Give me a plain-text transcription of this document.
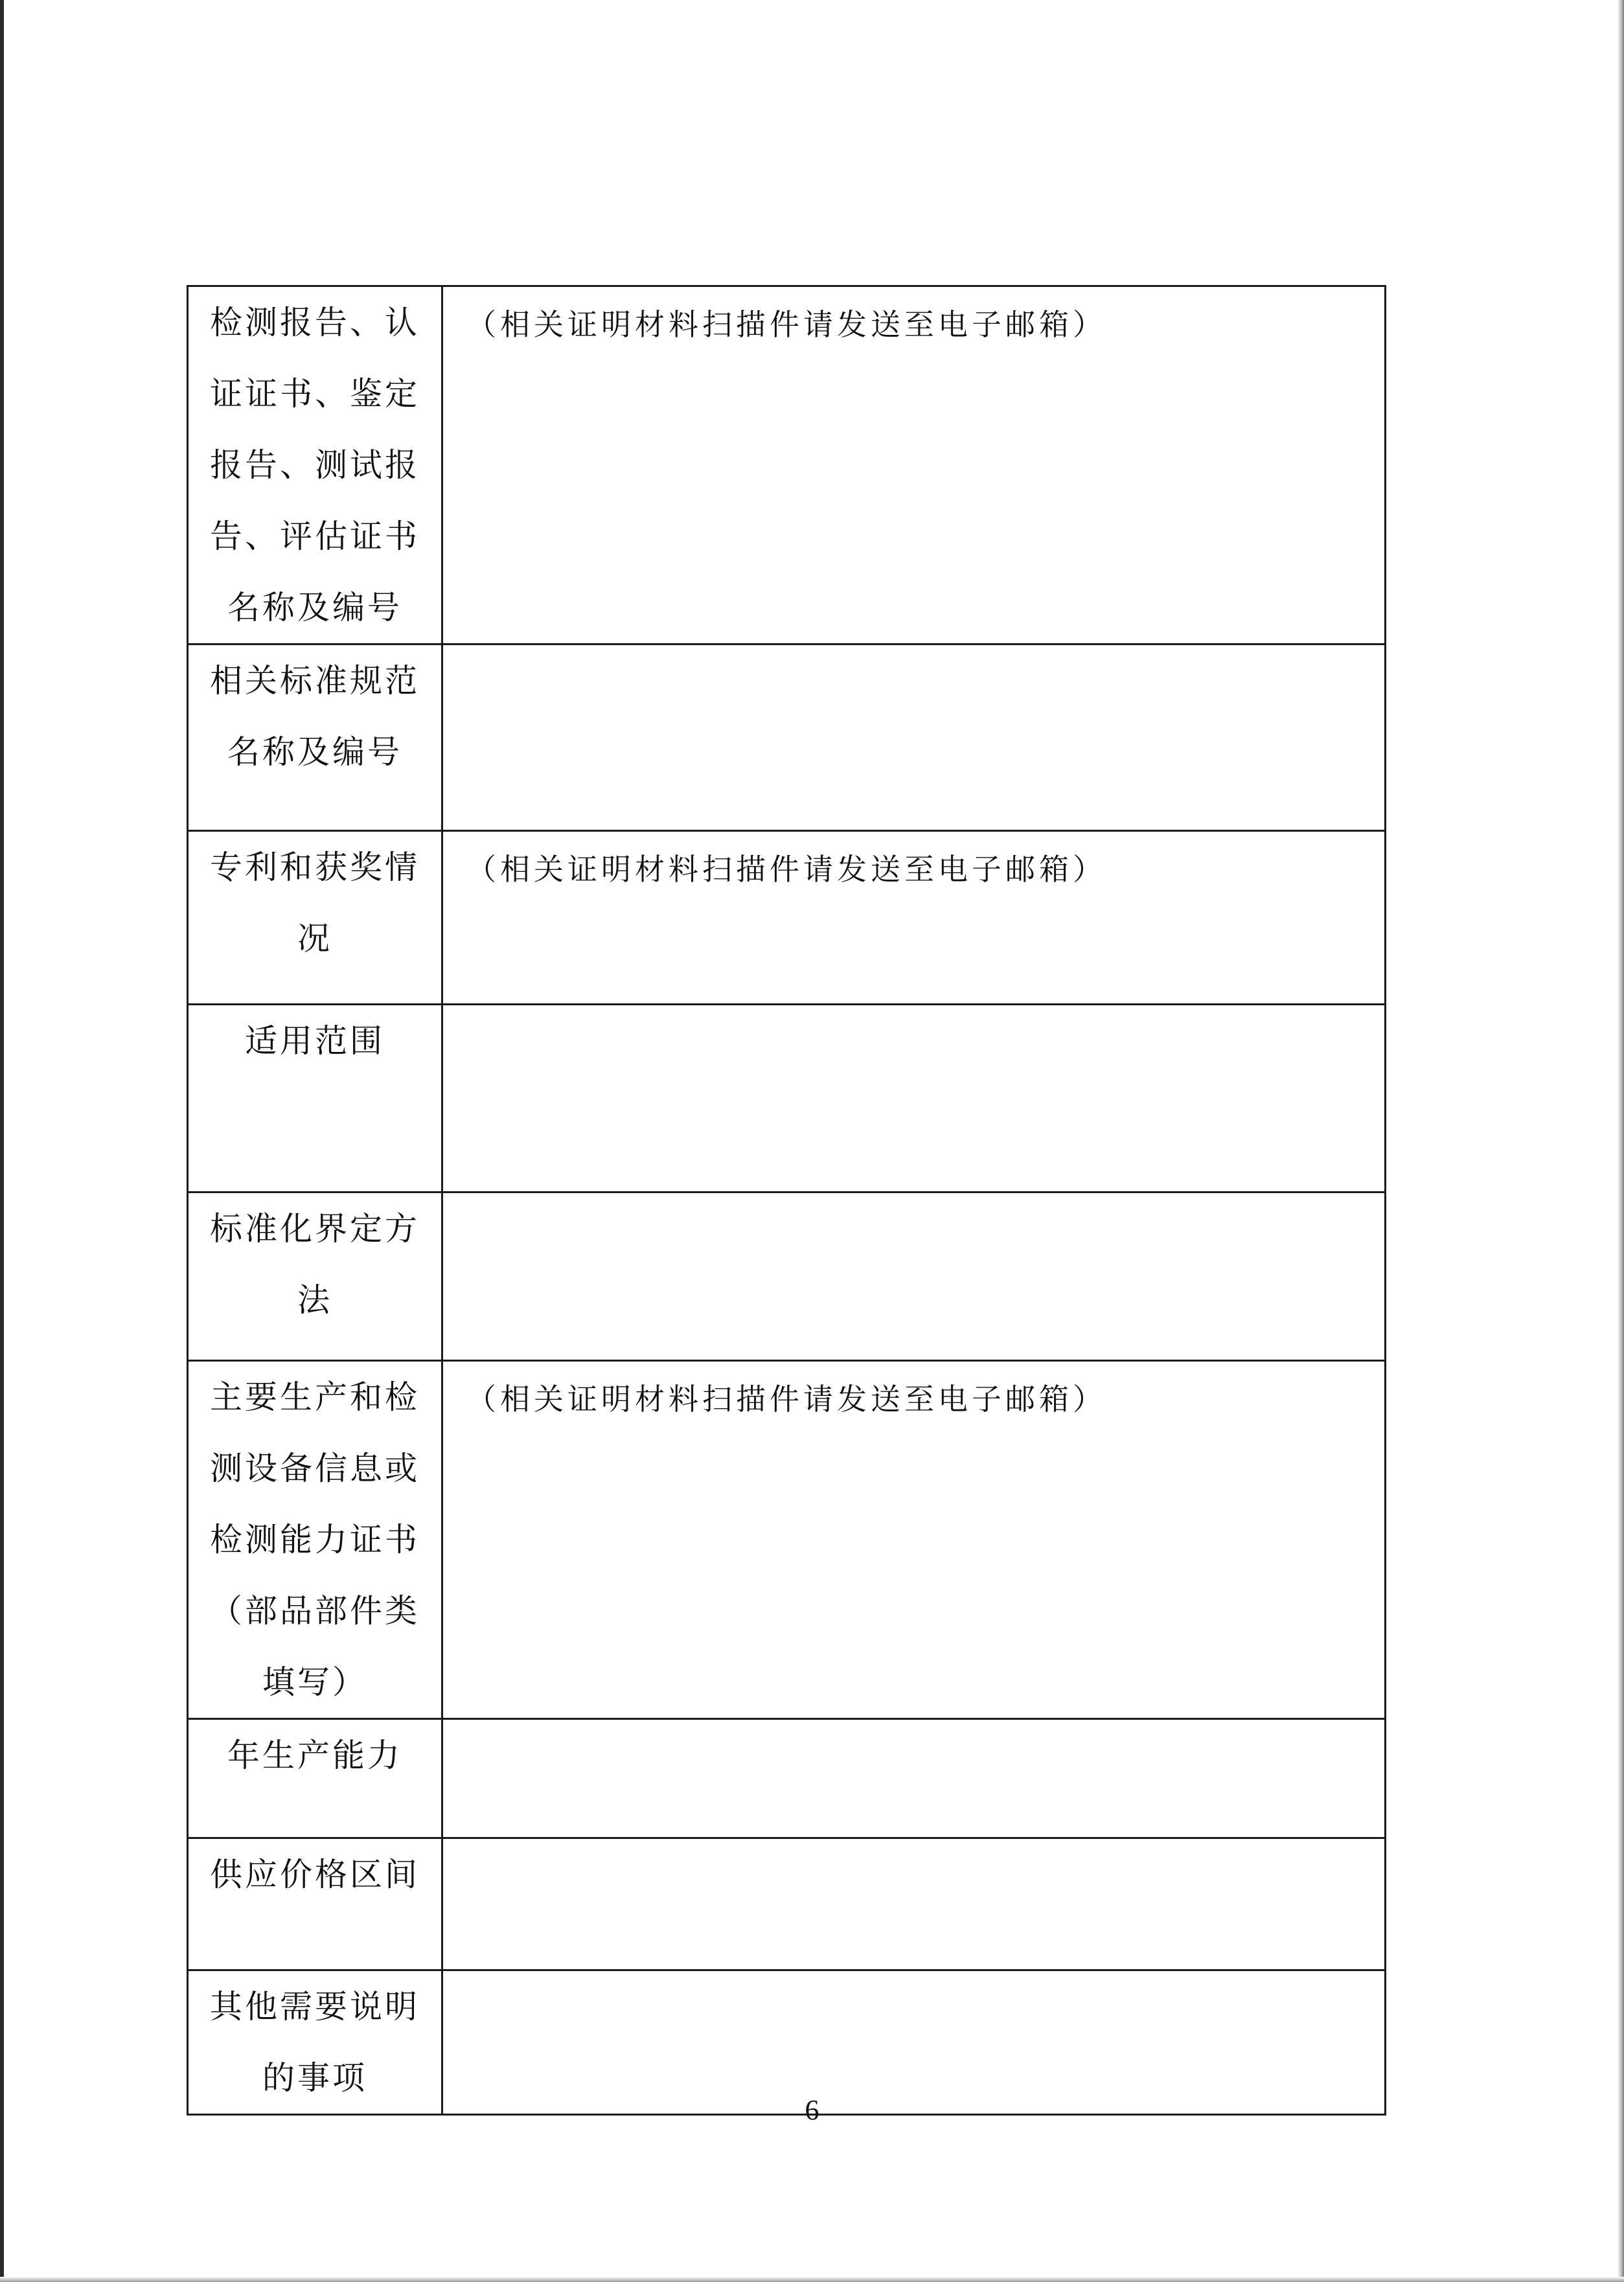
检测报告、认证证书、鉴定报告、测试报告、评估证书名称及编号	（相关证明材料扫描件请发送至电子邮箱）

相关标准规范名称及编号	

专利和获奖情况	（相关证明材料扫描件请发送至电子邮箱）

适用范围	

标准化界定方法	

主要生产和检测设备信息或检测能力证书（部品部件类填写）	（相关证明材料扫描件请发送至电子邮箱）

年生产能力	

供应价格区间	

其他需要说明的事项	
6
